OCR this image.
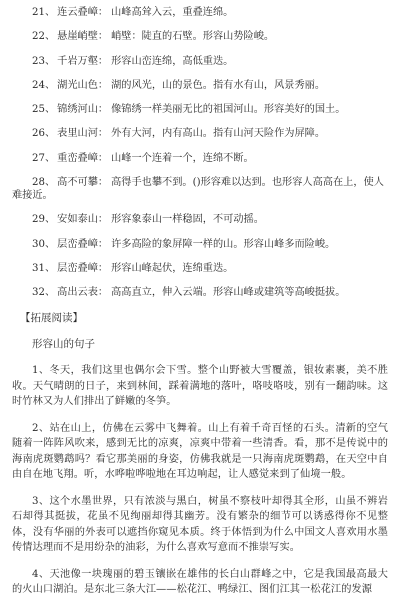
21、 连云叠嶂： 山峰高耸入云，重叠连绵。

22、 悬崖峭壁： 峭壁：陡直的石壁。形容山势险峻。

23、 千岩万壑： 形容山峦连绵，高低重迭。

24、 湖光山色： 湖的风光，山的景色。指有水有山，风景秀丽。

25、 锦绣河山： 像锦绣一样美丽无比的祖国河山。形容美好的国土。

26、 表里山河： 外有大河，内有高山。指有山河天险作为屏障。

27、 重峦叠嶂： 山峰一个连着一个，连绵不断。

28、 高不可攀： 高得手也攀不到。()形容难以达到。也形容人高高在上，使人难接近。

29、 安如泰山： 形容象泰山一样稳固，不可动摇。

30、 层峦叠嶂： 许多高险的象屏障一样的山。形容山峰多而险峻。

31、 层峦叠嶂： 形容山峰起伏，连绵重迭。

32、 高出云表： 高高直立，伸入云端。形容山峰或建筑等高峻挺拔。

【拓展阅读】

形容山的句子

1、冬天，我们这里也偶尔会下雪。整个山野被大雪覆盖，银妆素裹，美不胜收。天气晴朗的日子，来到林间，踩着满地的落叶，咯吱咯吱，别有一翻韵味。这时竹林又为人们排出了鲜嫩的冬笋。

2、站在山上，仿佛在云雾中飞舞着。山上有着千奇百怪的石头。清新的空气随着一阵阵风吹来，感到无比的凉爽，凉爽中带着一些清香。看，那不是传说中的海南虎斑鹦鹉吗？看它那美丽的身姿，仿佛我就是一只海南虎斑鹦鹉，在天空中自由自在地飞翔。听，水哗啦哗啦地在耳边响起，让人感觉来到了仙境一般。

3、这个水墨世界，只有浓淡与黑白，树虽不察枝叶却得其全形，山虽不辨岩石却得其挺拔，花虽不见绚丽却得其幽芳。没有繁杂的细节可以诱惑得你不见整体，没有华丽的外表可以遮挡你窥见本质。终于体悟到为什么中国文人喜欢用水墨传情达理而不是用纷杂的油彩，为什么喜欢写意而不推崇写实。

4、天池像一块瑰丽的碧玉镶嵌在雄伟的长白山群峰之中，它是我国最高最大的火山口湖泊。是东北三条大江——松花江、鸭绿江、图们江其一松花江的发源
